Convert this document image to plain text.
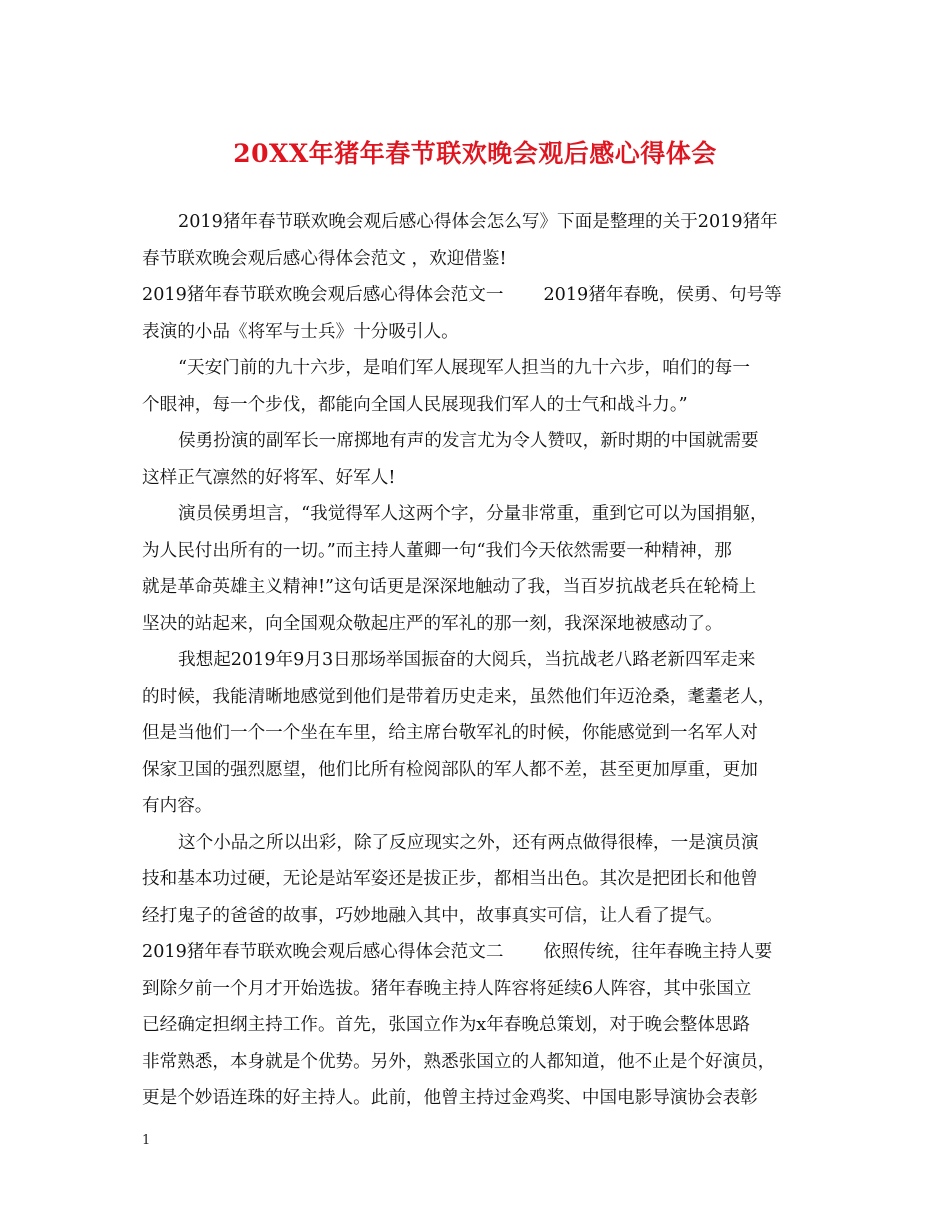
20XX年猪年春节联欢晚会观后感心得体会
2019猪年春节联欢晚会观后感心得体会怎么写》下面是整理的关于2019猪年
春节联欢晚会观后感心得体会范文 ，欢迎借鉴!
2019猪年春节联欢晚会观后感心得体会范文一 2019猪年春晚，侯勇、句号等
表演的小品《将军与士兵》十分吸引人。
“天安门前的九十六步，是咱们军人展现军人担当的九十六步，咱们的每一
个眼神，每一个步伐，都能向全国人民展现我们军人的士气和战斗力。”
侯勇扮演的副军长一席掷地有声的发言尤为令人赞叹，新时期的中国就需要
这样正气凛然的好将军、好军人!
演员侯勇坦言，“我觉得军人这两个字，分量非常重，重到它可以为国捐躯，
为人民付出所有的一切。”而主持人董卿一句“我们今天依然需要一种精神，那
就是革命英雄主义精神!”这句话更是深深地触动了我，当百岁抗战老兵在轮椅上
坚决的站起来，向全国观众敬起庄严的军礼的那一刻，我深深地被感动了。
我想起2019年9月3日那场举国振奋的大阅兵，当抗战老八路老新四军走来
的时候，我能清晰地感觉到他们是带着历史走来，虽然他们年迈沧桑，耄耋老人，
但是当他们一个一个坐在车里，给主席台敬军礼的时候，你能感觉到一名军人对
保家卫国的强烈愿望，他们比所有检阅部队的军人都不差，甚至更加厚重，更加
有内容。
这个小品之所以出彩，除了反应现实之外，还有两点做得很棒，一是演员演
技和基本功过硬，无论是站军姿还是拔正步，都相当出色。其次是把团长和他曾
经打鬼子的爸爸的故事，巧妙地融入其中，故事真实可信，让人看了提气。
2019猪年春节联欢晚会观后感心得体会范文二 依照传统，往年春晚主持人要
到除夕前一个月才开始选拔。猪年春晚主持人阵容将延续6人阵容，其中张国立
已经确定担纲主持工作。首先，张国立作为x年春晚总策划，对于晚会整体思路
非常熟悉，本身就是个优势。另外，熟悉张国立的人都知道，他不止是个好演员，
更是个妙语连珠的好主持人。此前，他曾主持过金鸡奖、中国电影导演协会表彰
1
